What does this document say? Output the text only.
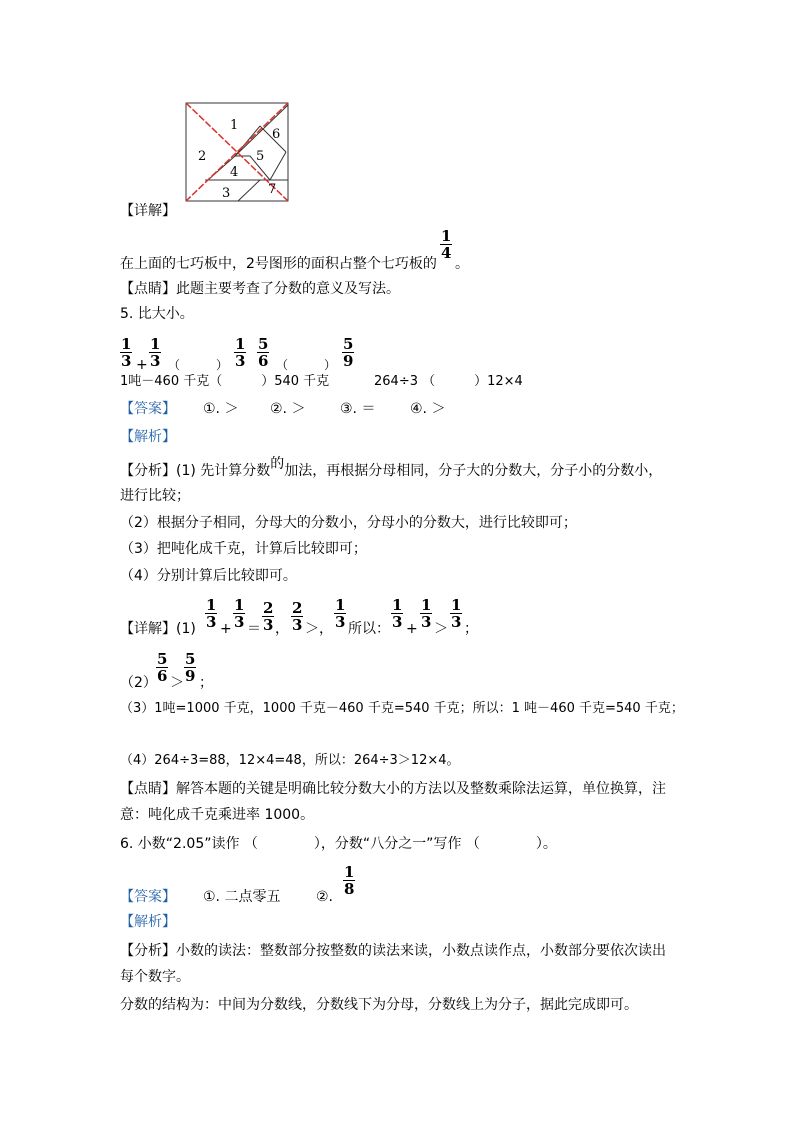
1
6
2	5
4
3	7
【详解】
在上面的七巧板中，2号图形的面积占整个七巧板的
$\frac{1}{4}$
。
【点睛】此题主要考查了分数的意义及写法。
5. 比大小。
$\frac{1}{3} + \frac{1}{3}$ （　　　） $\frac{1}{3} \frac{5}{6}$ （　　　） $\frac{5}{9}$
1吨－460 千克（　　　）540 千克	264÷3 （　　　）12×4
【答案】 ①. ＞ ②. ＞ ③. ＝ ④. ＞
【解析】
【分析】(1) 先计算分数的加法，再根据分母相同，分子大的分数大，分子小的分数小，
进行比较；
（2）根据分子相同，分母大的分数小，分母小的分数大，进行比较即可；
（3）把吨化成千克，计算后比较即可；
（4）分别计算后比较即可。
【详解】$(1) \frac{1}{3} + \frac{1}{3} = \frac{2}{3}$ ， $\frac{2}{3}$ ＞， $\frac{1}{3}$ 所以： $\frac{1}{3} + \frac{1}{3} > \frac{1}{3}$ ；
$(2) \frac{5}{6} > \frac{5}{9}$ ；
（3）1吨=1000 千克，1000 千克－460 千克=540 千克；所以：1 吨－460 千克=540 千克；
（4）264÷3=88，12×4=48，所以：264÷3＞12×4。
【点睛】解答本题的关键是明确比较分数大小的方法以及整数乘除法运算，单位换算，注
意：吨化成千克乘进率 1000。
6. 小数“2.05”读作 （　　　　），分数“八分之一”写作 （　　　　）。
【答案】 ①. 二点零五	②. $\frac{1}{8}$
【解析】
【分析】小数的读法：整数部分按整数的读法来读，小数点读作点，小数部分要依次读出
每个数字。
分数的结构为：中间为分数线，分数线下为分母，分数线上为分子，据此完成即可。
